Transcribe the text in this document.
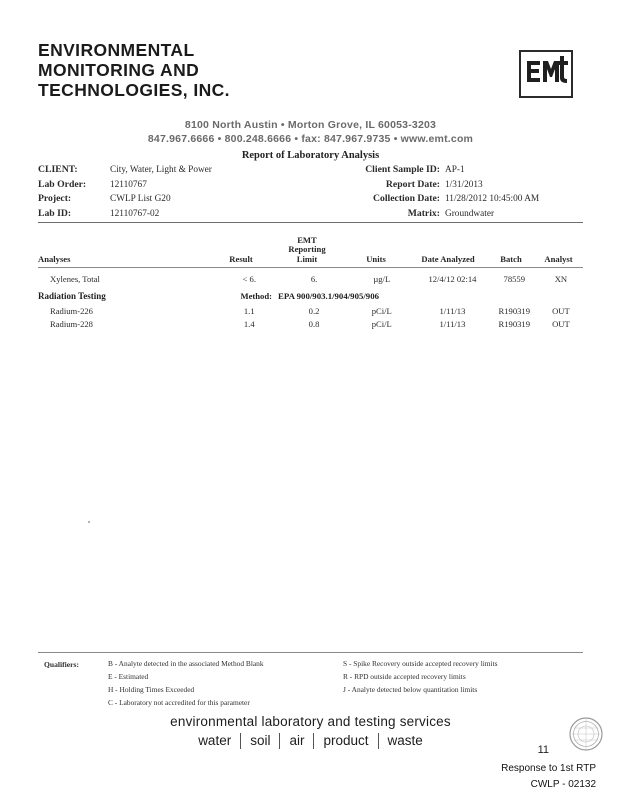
ENVIRONMENTAL
MONITORING AND
TECHNOLOGIES, INC.
8100 North Austin • Morton Grove, IL 60053-3203
847.967.6666 • 800.248.6666 • fax: 847.967.9735 • www.emt.com
Report of Laboratory Analysis
CLIENT:	City, Water, Light & Power	Client Sample ID: AP-1
Lab Order:	12110767	Report Date: 1/31/2013
Project:	CWLP List G20	Collection Date: 11/28/2012 10:45:00 AM
Lab ID:	12110767-02	Matrix: Groundwater
Analyses	Result
EMT
Reporting
Limit	Units	Date Analyzed	Batch	Analyst
Xylenes, Total	< 6.	6.	µg/L	12/4/12 02:14	78559	XN
Radiation Testing	Method: EPA 900/903.1/904/905/906
Radium-226	1.1	0.2	pCi/L	1/11/13	R190319	OUT
Radium-228	1.4	0.8	pCi/L	1/11/13	R190319	OUT
Qualifiers:	B - Analyte detected in the associated Method Blank
E - Estimated
H - Holding Times Exceeded
C - Laboratory not accredited for this parameter
S - Spike Recovery outside accepted recovery limits
R - RPD outside accepted recovery limits
J - Analyte detected below quantitation limits
environmental laboratory and testing services
water	soil	air	product	waste
11
Response to 1st RTP
CWLP - 02132
